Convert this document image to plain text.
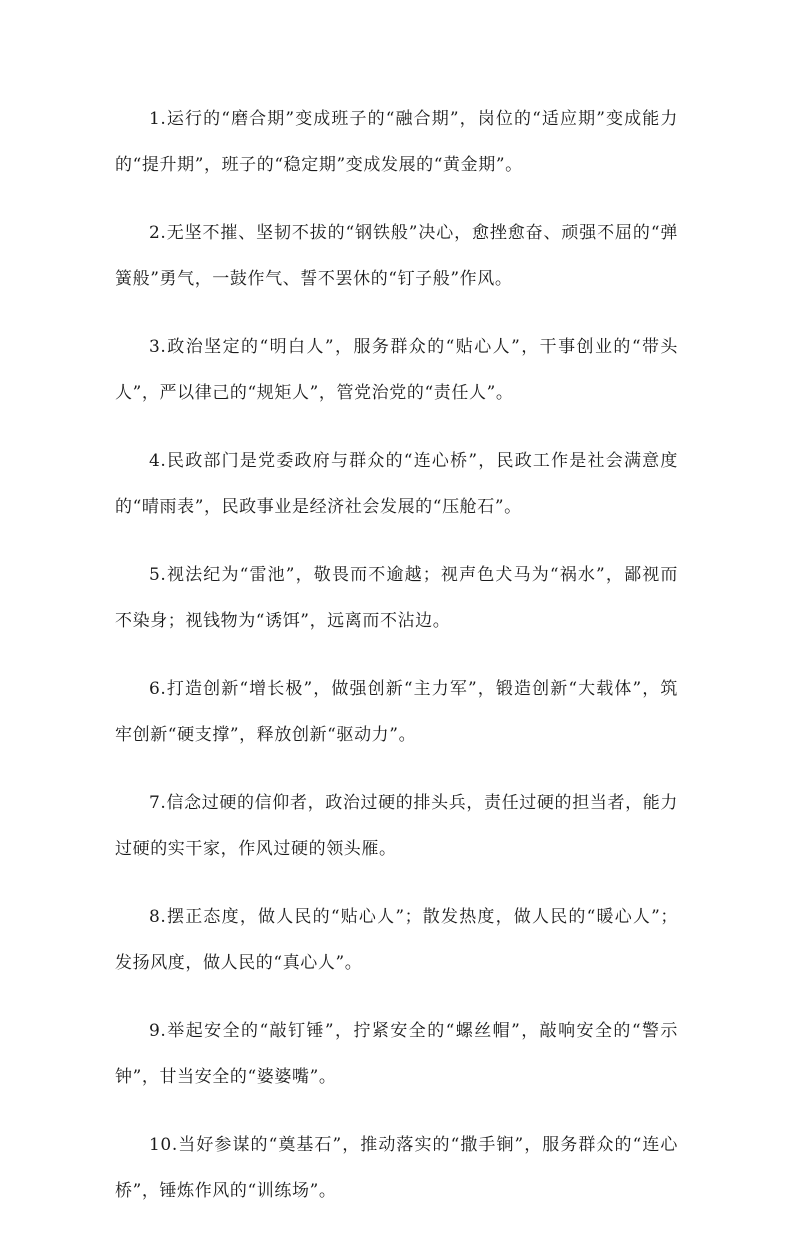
1.运行的“磨合期”变成班子的“融合期”，岗位的“适应期”变成能力的“提升期”，班子的“稳定期”变成发展的“黄金期”。

2.无坚不摧、坚韧不拔的“钢铁般”决心，愈挫愈奋、顽强不屈的“弹簧般”勇气，一鼓作气、誓不罢休的“钉子般”作风。

3.政治坚定的“明白人”，服务群众的“贴心人”，干事创业的“带头人”，严以律己的“规矩人”，管党治党的“责任人”。

4.民政部门是党委政府与群众的“连心桥”，民政工作是社会满意度的“晴雨表”，民政事业是经济社会发展的“压舱石”。

5.视法纪为“雷池”，敬畏而不逾越；视声色犬马为“祸水”，鄙视而不染身；视钱物为“诱饵”，远离而不沾边。

6.打造创新“增长极”，做强创新“主力军”，锻造创新“大载体”，筑牢创新“硬支撑”，释放创新“驱动力”。

7.信念过硬的信仰者，政治过硬的排头兵，责任过硬的担当者，能力过硬的实干家，作风过硬的领头雁。

8.摆正态度，做人民的“贴心人”；散发热度，做人民的“暖心人”；发扬风度，做人民的“真心人”。

9.举起安全的“敲钉锤”，拧紧安全的“螺丝帽”，敲响安全的“警示钟”，甘当安全的“婆婆嘴”。

10.当好参谋的“奠基石”，推动落实的“撒手锏”，服务群众的“连心桥”，锤炼作风的“训练场”。
